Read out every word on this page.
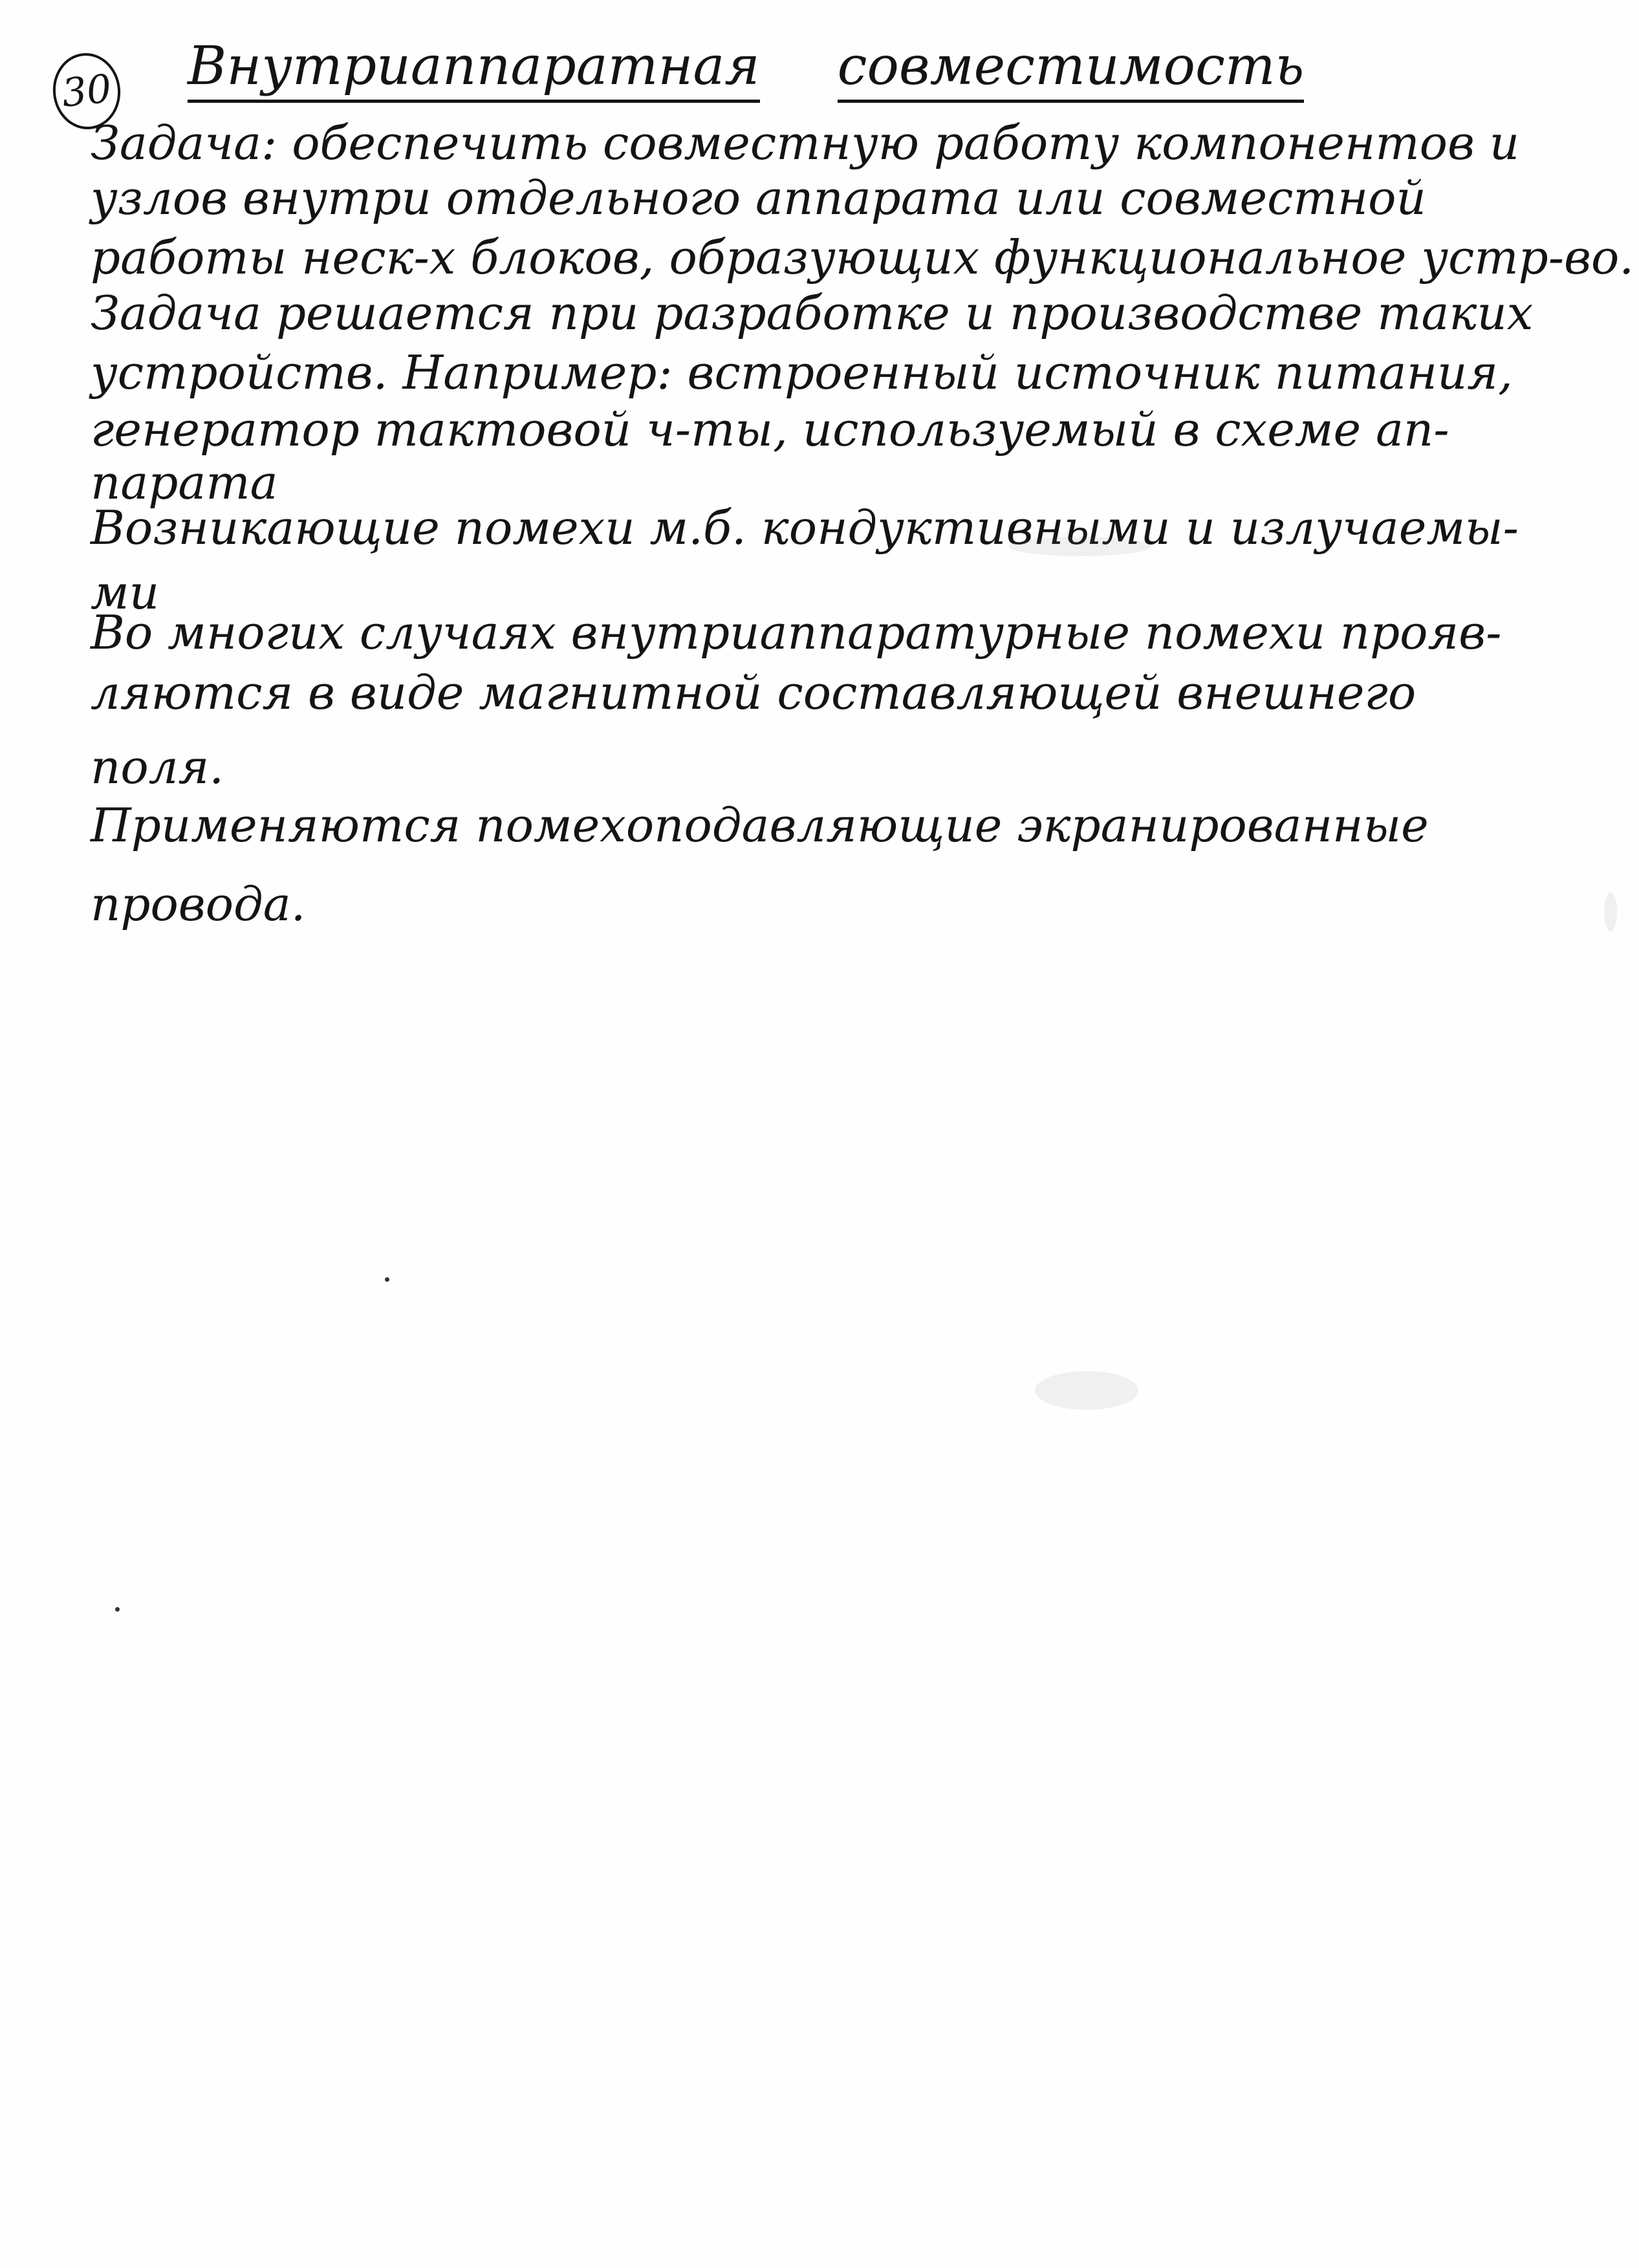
30 Внутриаппаратная совместимость
Задача: обеспечить совместную работу компонентов и
узлов внутри отдельного аппарата или совместной
работы неск-х блоков, образующих функциональное устр-во.
Задача решается при разработке и производстве таких
устройств. Например: встроенный источник питания,
генератор тактовой ч-ты, используемый в схеме ап-
парата
Возникающие помехи м.б. кондуктивными и излучаемы-
ми
Во многих случаях внутриаппаратурные помехи прояв-
ляются в виде магнитной составляющей внешнего
поля.
Применяются помехоподавляющие экранированные
провода.
